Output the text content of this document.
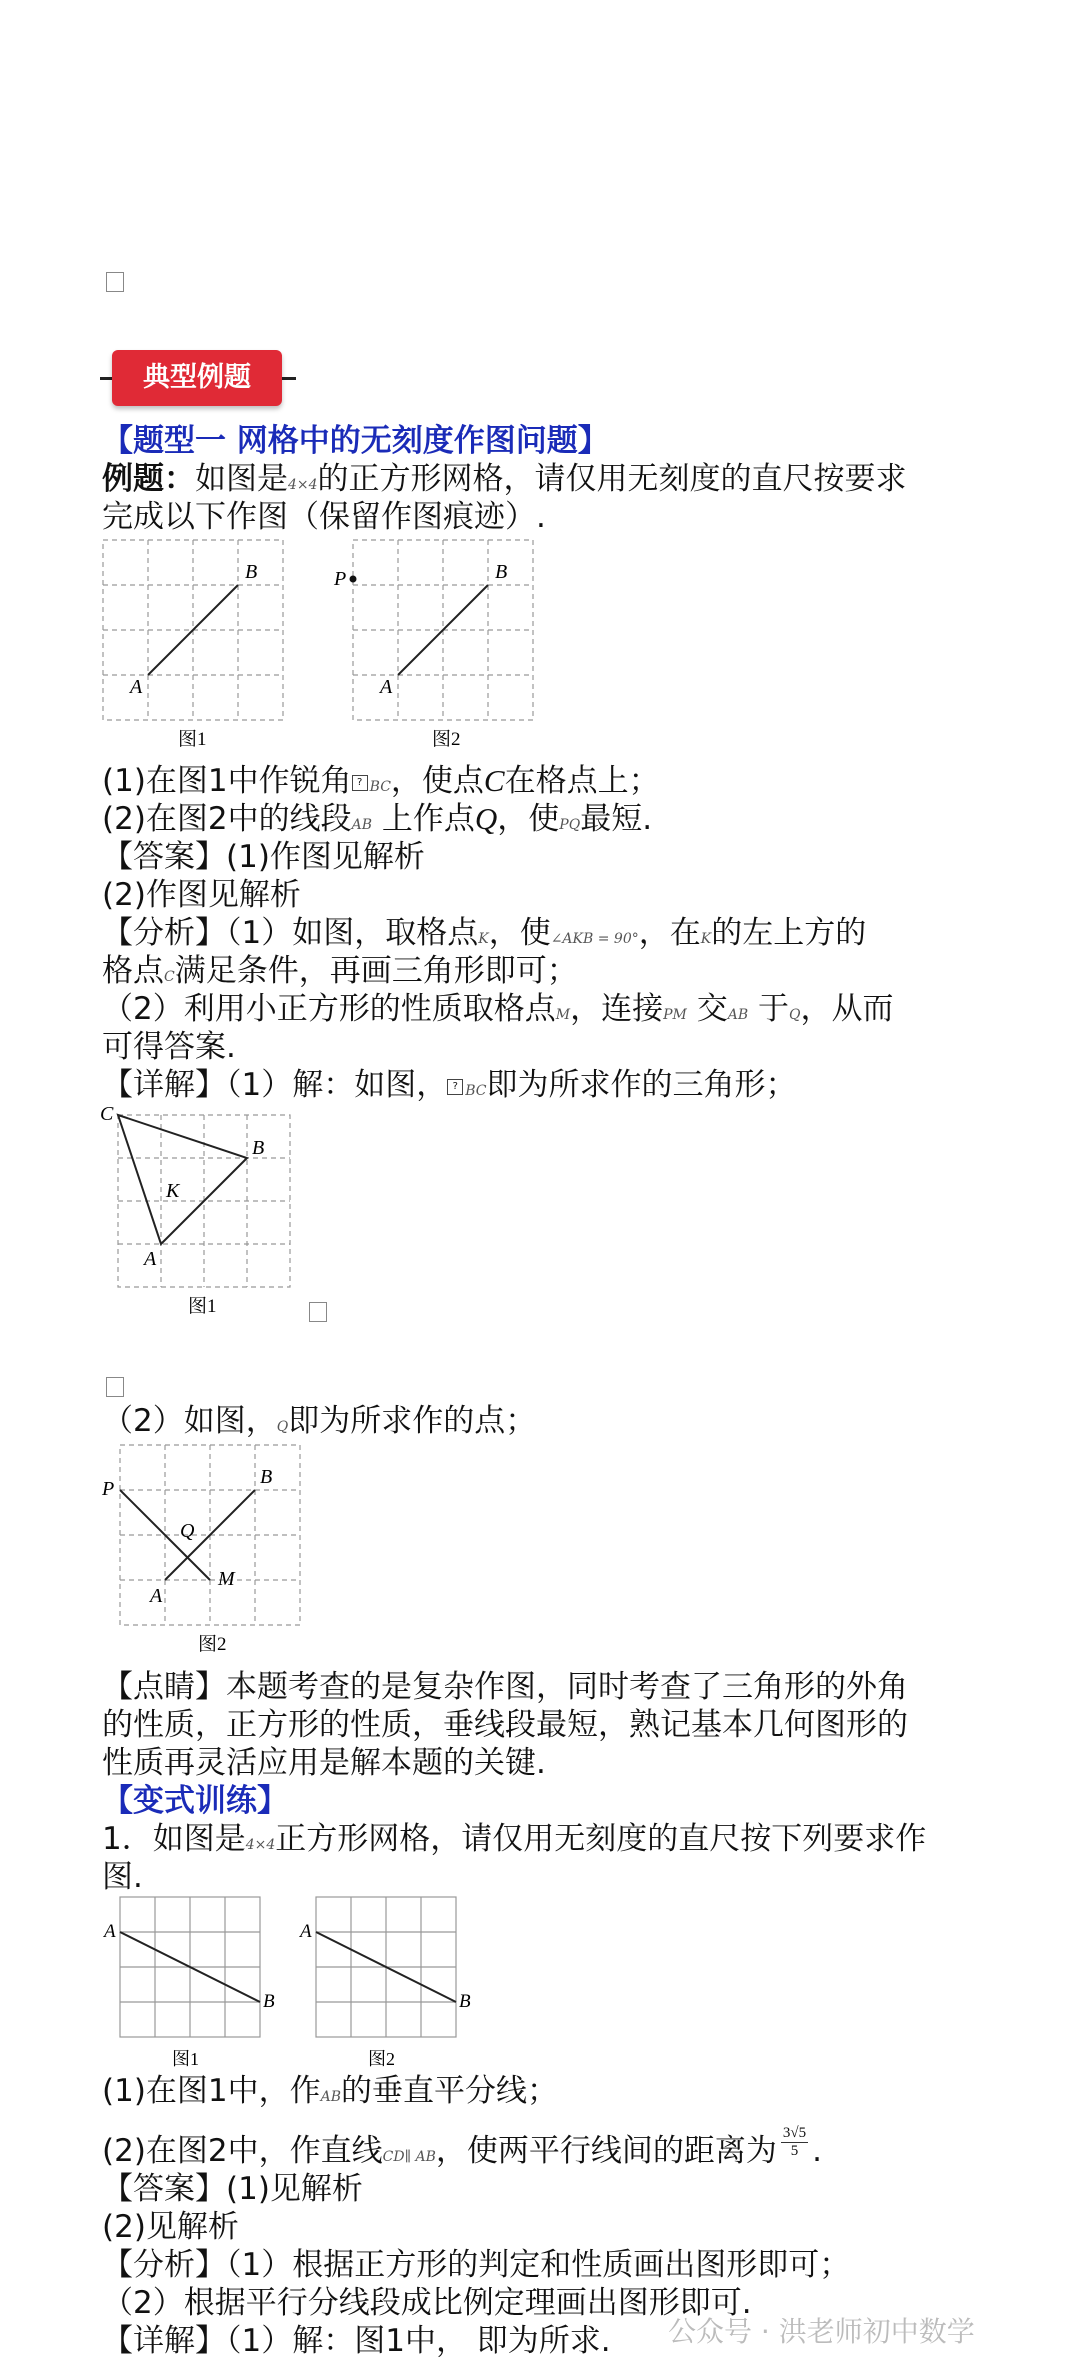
典型例题
【题型一 网格中的无刻度作图问题】
例题：如图是4×4的正方形网格，请仅用无刻度的直尺按要求
完成以下作图（保留作图痕迹）.
B
A
图1
P	B
A
图2
(1)在图1中作锐角 ? BC，使点C在格点上；
(2)在图2中的线段AB 上作点Q，使PQ最短.
【答案】(1)作图见解析
(2)作图见解析
【分析】（1）如图，取格点K，使∠AKB = 90°，在K的左上方的
格点C满足条件，再画三角形即可；
（2）利用小正方形的性质取格点M，连接PM 交AB 于Q，从而
可得答案.
【详解】（1）解：如图， ? BC即为所求作的三角形；
C
B
K
A
图1
（2）如图，Q即为所求作的点；
P
B
Q
M
A
图2
【点睛】本题考查的是复杂作图，同时考查了三角形的外角
的性质，正方形的性质，垂线段最短，熟记基本几何图形的
性质再灵活应用是解本题的关键.
【变式训练】
1．如图是4×4正方形网格，请仅用无刻度的直尺按下列要求作
图.
A
B
图1
A
B
图2
(1)在图1中，作AB的垂直平分线；
(2)在图2中，作直线CD∥ AB，使两平行线间的距离为 $\frac{3√5}{5}$ .
【答案】(1)见解析
(2)见解析
【分析】（1）根据正方形的判定和性质画出图形即可；
（2）根据平行分线段成比例定理画出图形即可.
【详解】（1）解：图1中， 即为所求. 公众号 · 洪老师初中数学
